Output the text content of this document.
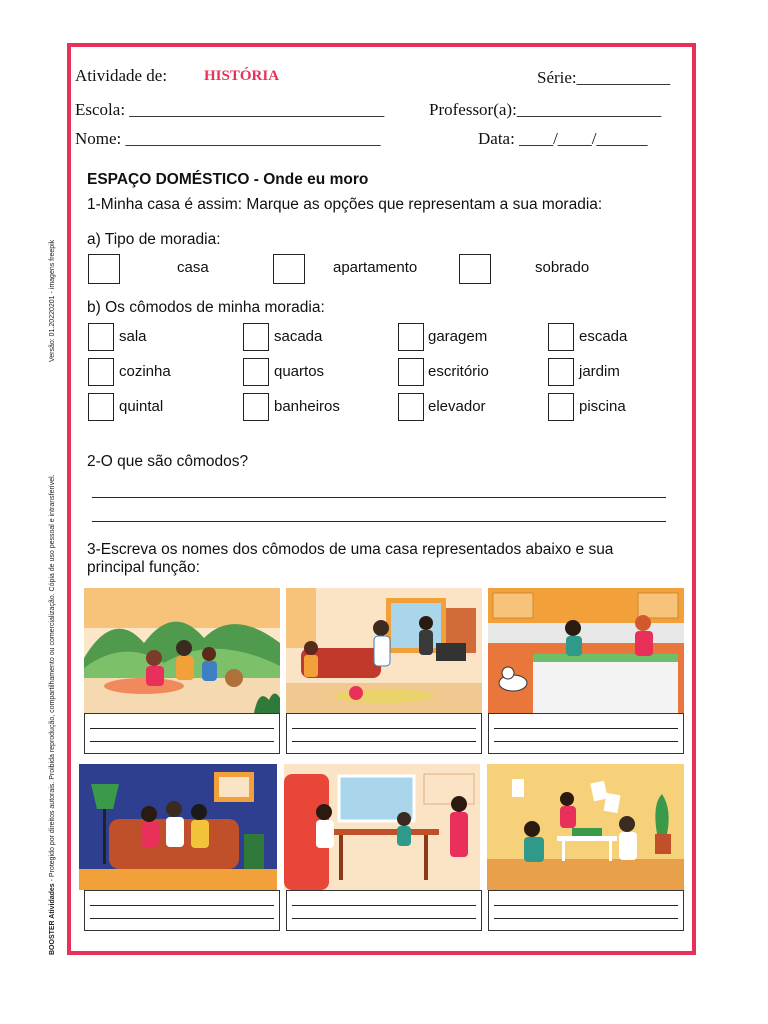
Versão: 01.20220201 - imagens freepik
BOOSTER Atividades - Protegido por direitos autorais. Proibida reprodução, compartilhamento ou comercialização. Cópia de uso pessoal e intransferível.
Atividade de: HISTÓRIA	Série:___________
Escola: ______________________________	Professor(a):_________________
Nome: ______________________________	Data: ____/____/______
ESPAÇO DOMÉSTICO - Onde eu moro
1-Minha casa é assim: Marque as opções que representam a sua moradia:
a) Tipo de moradia:
casa	apartamento	sobrado
b) Os cômodos de minha moradia:
sala	sacada	garagem	escada
cozinha	quartos	escritório	jardim
quintal	banheiros	elevador	piscina
2-O que são cômodos?
3-Escreva os nomes dos cômodos de uma casa representados abaixo e sua
principal função:
